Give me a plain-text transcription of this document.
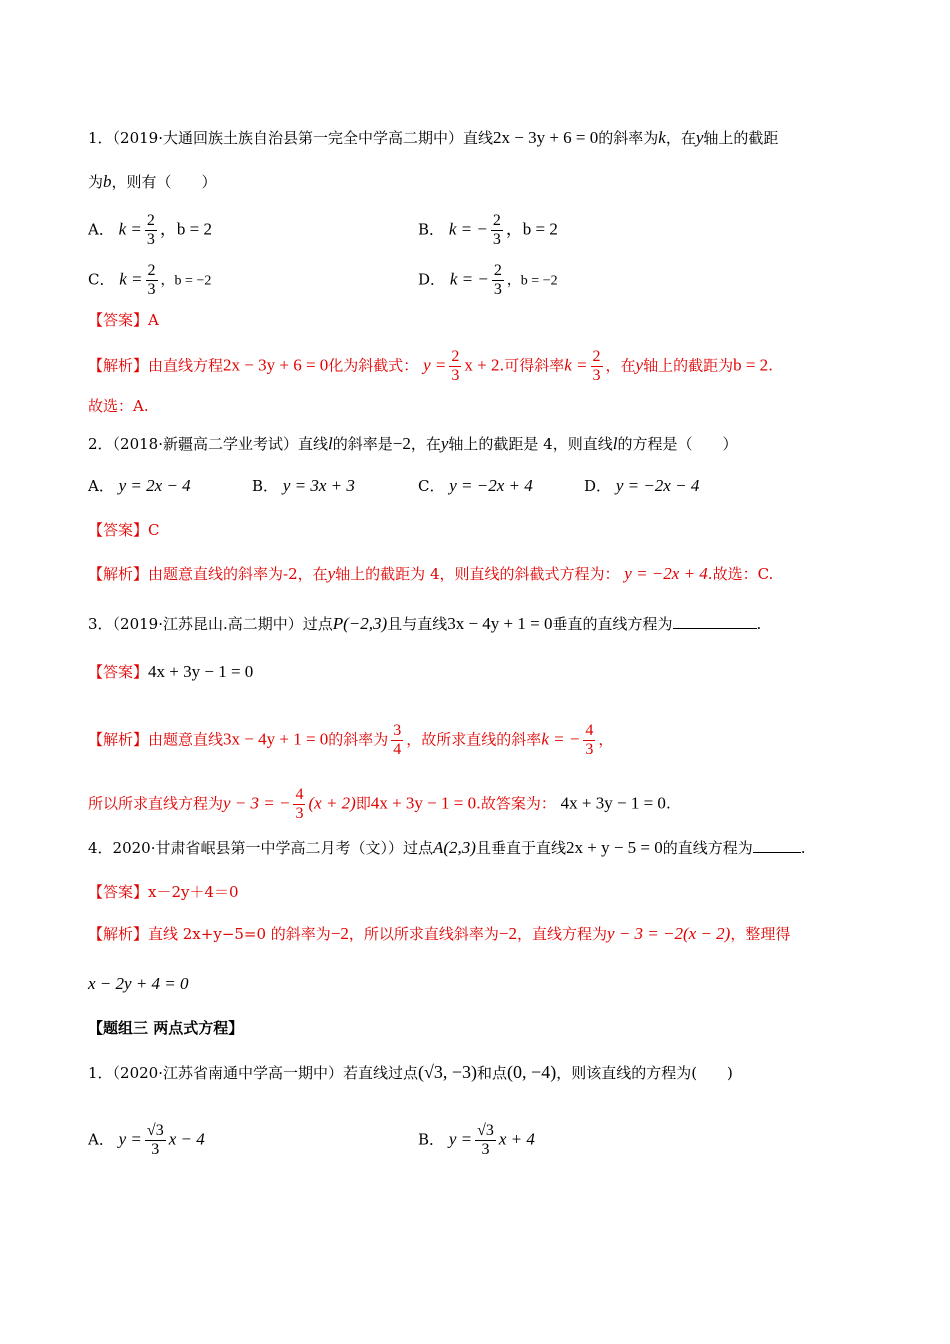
1．（2019·大通回族土族自治县第一完全中学高二期中）直线2x − 3y + 6 = 0的斜率为k，在y轴上的截距
为b，则有（　　）
A． $k = \frac{2}{3}$ ，b = 2	B． k = − $\frac{2}{3}$ ，b = 2
C． $k = \frac{2}{3}$ ，b = −2	D． k = − $\frac{2}{3}$ ，b = −2
【答案】A
【解析】由直线方程2x − 3y + 6 = 0化为斜截式： $y = \frac{2}{3}$ x + 2.可得斜率$k = \frac{2}{3}$ ，在y轴上的截距为b = 2.
故选：A.
2．（2018·新疆高二学业考试）直线l的斜率是−2，在y轴上的截距是 4，则直线l的方程是（　　）
A． y = 2x − 4	B． y = 3x + 3	C． y = −2x + 4	D． y = −2x − 4
【答案】C
【解析】由题意直线的斜率为-2，在y轴上的截距为 4，则直线的斜截式方程为： y = −2x + 4.故选：C.
3．（2019·江苏昆山.高二期中）过点P(−2,3)且与直线3x − 4y + 1 = 0垂直的直线方程为	.
【答案】4x + 3y − 1 = 0
【解析】由题意直线3x − 4y + 1 = 0的斜率为 $\frac{3}{4}$ ，故所求直线的斜率k = − $\frac{4}{3}$ ，
所以所求直线方程为y − 3 = − $\frac{4}{3} (x + 2)$即4x + 3y − 1 = 0.故答案为： 4x + 3y − 1 = 0.
4．2020·甘肃省岷县第一中学高二月考（文））过点A(2,3)且垂直于直线2x + y − 5 = 0的直线方程为	.
【答案】x－2y＋4＝0
【解析】直线 2x+y−5=0 的斜率为−2，所以所求直线斜率为−2，直线方程为y − 3 = −2(x − 2)，整理得
x − 2y + 4 = 0
【题组三 两点式方程】
1．（2020·江苏省南通中学高一期中）若直线过点(√3, −3)和点(0, −4)，则该直线的方程为(　　)
A． $y = \frac{√3}{3}$ x − 4	B． $y = \frac{√3}{3}$ x + 4
